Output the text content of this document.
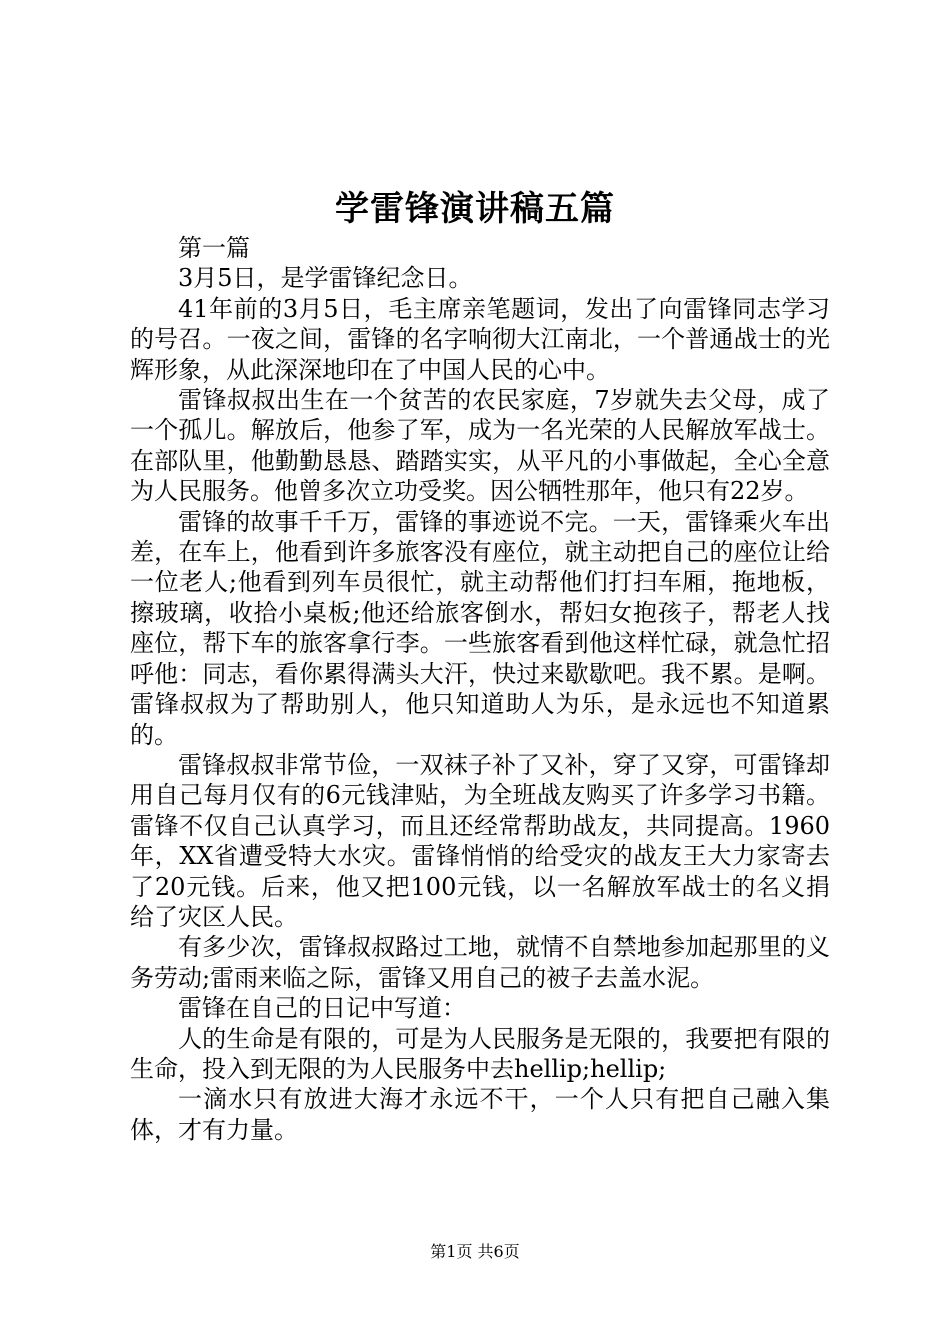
学雷锋演讲稿五篇

第一篇

3月5日，是学雷锋纪念日。

41年前的3月5日，毛主席亲笔题词，发出了向雷锋同志学习的号召。一夜之间，雷锋的名字响彻大江南北，一个普通战士的光辉形象，从此深深地印在了中国人民的心中。

雷锋叔叔出生在一个贫苦的农民家庭，7岁就失去父母，成了一个孤儿。解放后，他参了军，成为一名光荣的人民解放军战士。在部队里，他勤勤恳恳、踏踏实实，从平凡的小事做起，全心全意为人民服务。他曾多次立功受奖。因公牺牲那年，他只有22岁。

雷锋的故事千千万，雷锋的事迹说不完。一天，雷锋乘火车出差，在车上，他看到许多旅客没有座位，就主动把自己的座位让给一位老人;他看到列车员很忙，就主动帮他们打扫车厢，拖地板，擦玻璃，收拾小桌板;他还给旅客倒水，帮妇女抱孩子，帮老人找座位，帮下车的旅客拿行李。一些旅客看到他这样忙碌，就急忙招呼他：同志，看你累得满头大汗，快过来歇歇吧。我不累。是啊。雷锋叔叔为了帮助别人，他只知道助人为乐，是永远也不知道累的。

雷锋叔叔非常节俭，一双袜子补了又补，穿了又穿，可雷锋却用自己每月仅有的6元钱津贴，为全班战友购买了许多学习书籍。雷锋不仅自己认真学习，而且还经常帮助战友，共同提高。1960年，XX省遭受特大水灾。雷锋悄悄的给受灾的战友王大力家寄去了20元钱。后来，他又把100元钱，以一名解放军战士的名义捐给了灾区人民。

有多少次，雷锋叔叔路过工地，就情不自禁地参加起那里的义务劳动;雷雨来临之际，雷锋又用自己的被子去盖水泥。

雷锋在自己的日记中写道：

人的生命是有限的，可是为人民服务是无限的，我要把有限的生命，投入到无限的为人民服务中去hellip;hellip;

一滴水只有放进大海才永远不干，一个人只有把自己融入集体，才有力量。

第1页 共6页
